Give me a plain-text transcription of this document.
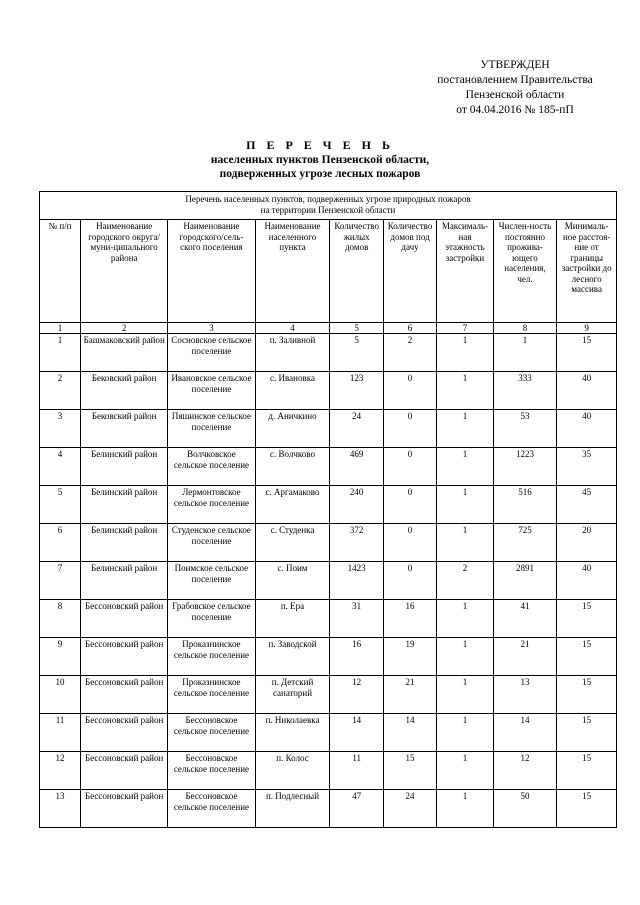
УТВЕРЖДЕН
постановлением Правительства
Пензенской области
от 04.04.2016 № 185-пП
П Е Р Е Ч Е Н Ь
населенных пунктов Пензенской области,
подверженных угрозе лесных пожаров
Перечень населенных пунктов, подверженных угрозе природных пожаров
на территории Пензенской области								

№ п/п	Наименование городского округа/муни-ципального района	Наименование городского/сель-ского поселения	Наименование населенного пункта	Количество жилых домов	Количество домов под дачу	Максималь-ная этажность застройки	Числен-ность постоянно прожива-ющего населения, чел.	Минималь-ное расстоя-ние от границы застройки до лесного массива
1	2	3	4	5	6	7	8	9
1	Башмаковский район	Сосновское сельское поселение	п. Заливной	5	2	1	1	15
2	Бековский район	Ивановское сельское поселение	с. Ивановка	123	0	1	333	40
3	Бековский район	Пяшинское сельское поселение	д. Аничкино	24	0	1	53	40
4	Белинский район	Волчковское сельское поселение	с. Волчково	469	0	1	1223	35
5	Белинский район	Лермонтовское сельское поселение	с. Аргамаково	240	0	1	516	45
6	Белинский район	Студенское сельское поселение	с. Студенка	372	0	1	725	20
7	Белинский район	Поимское сельское поселение	с. Поим	1423	0	2	2891	40
8	Бессоновский район	Грабовское сельское поселение	п. Ера	31	16	1	41	15
9	Бессоновский район	Проказнинское сельское поселение	п. Заводской	16	19	1	21	15
10	Бессоновский район	Проказнинское сельское поселение	п. Детский санаторий	12	21	1	13	15
11	Бессоновский район	Бессоновское сельское поселение	п. Николаевка	14	14	1	14	15
12	Бессоновский район	Бессоновское сельское поселение	п. Колос	11	15	1	12	15
13	Бессоновский район	Бессоновское сельское поселение	п. Подлесный	47	24	1	50	15
